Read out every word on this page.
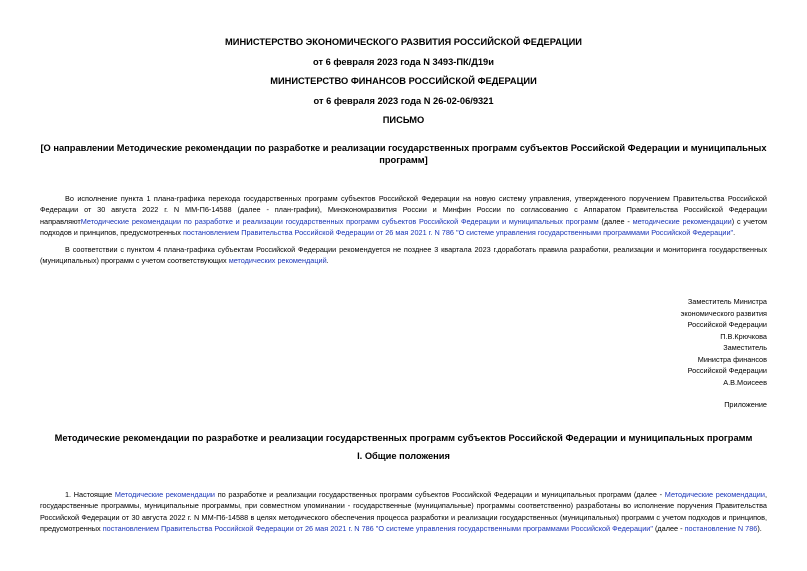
МИНИСТЕРСТВО ЭКОНОМИЧЕСКОГО РАЗВИТИЯ РОССИЙСКОЙ ФЕДЕРАЦИИ
от 6 февраля 2023 года N 3493-ПК/Д19и
МИНИСТЕРСТВО ФИНАНСОВ РОССИЙСКОЙ ФЕДЕРАЦИИ
от 6 февраля 2023 года N 26-02-06/9321
ПИСЬМО
[О направлении Методические рекомендации по разработке и реализации государственных программ субъектов Российской Федерации и муниципальных
программ]
Во исполнение пункта 1 плана-графика перехода государственных программ субъектов Российской Федерации на новую систему управления, утвержденного поручением Правительства Российской Федерации от 30 августа 2022 г. N ММ-П6-14588 (далее - план-график), Минэкономразвития России и Минфин России по согласованию с Аппаратом Правительства Российской Федерации направляютМетодические рекомендации по разработке и реализации государственных программ субъектов Российской Федерации и муниципальных программ (далее - методические рекомендации) с учетом подходов и принципов, предусмотренных постановлением Правительства Российской Федерации от 26 мая 2021 г. N 786 "О системе управления государственными программами Российской Федерации".
В соответствии с пунктом 4 плана-графика субъектам Российской Федерации рекомендуется не позднее 3 квартала 2023 г.доработать правила разработки, реализации и мониторинга государственных (муниципальных) программ с учетом соответствующих методических рекомендаций.
Заместитель Министра
экономического развития
Российской Федерации
П.В.Крючкова
Заместитель
Министра финансов
Российской Федерации
А.В.Моисеев
Приложение
Методические рекомендации по разработке и реализации государственных программ субъектов Российской Федерации и муниципальных программ
I. Общие положения
1. Настоящие Методические рекомендации по разработке и реализации государственных программ субъектов Российской Федерации и муниципальных программ (далее - Методические рекомендации, государственные программы, муниципальные программы, при совместном упоминании - государственные (муниципальные) программы соответственно) разработаны во исполнение поручения Правительства Российской Федерации от 30 августа 2022 г. N ММ-П6-14588 в целях методического обеспечения процесса разработки и реализации государственных (муниципальных) программ с учетом подходов и принципов, предусмотренных постановлением Правительства Российской Федерации от 26 мая 2021 г. N 786 "О системе управления государственными программами Российской Федерации" (далее - постановление N 786).
